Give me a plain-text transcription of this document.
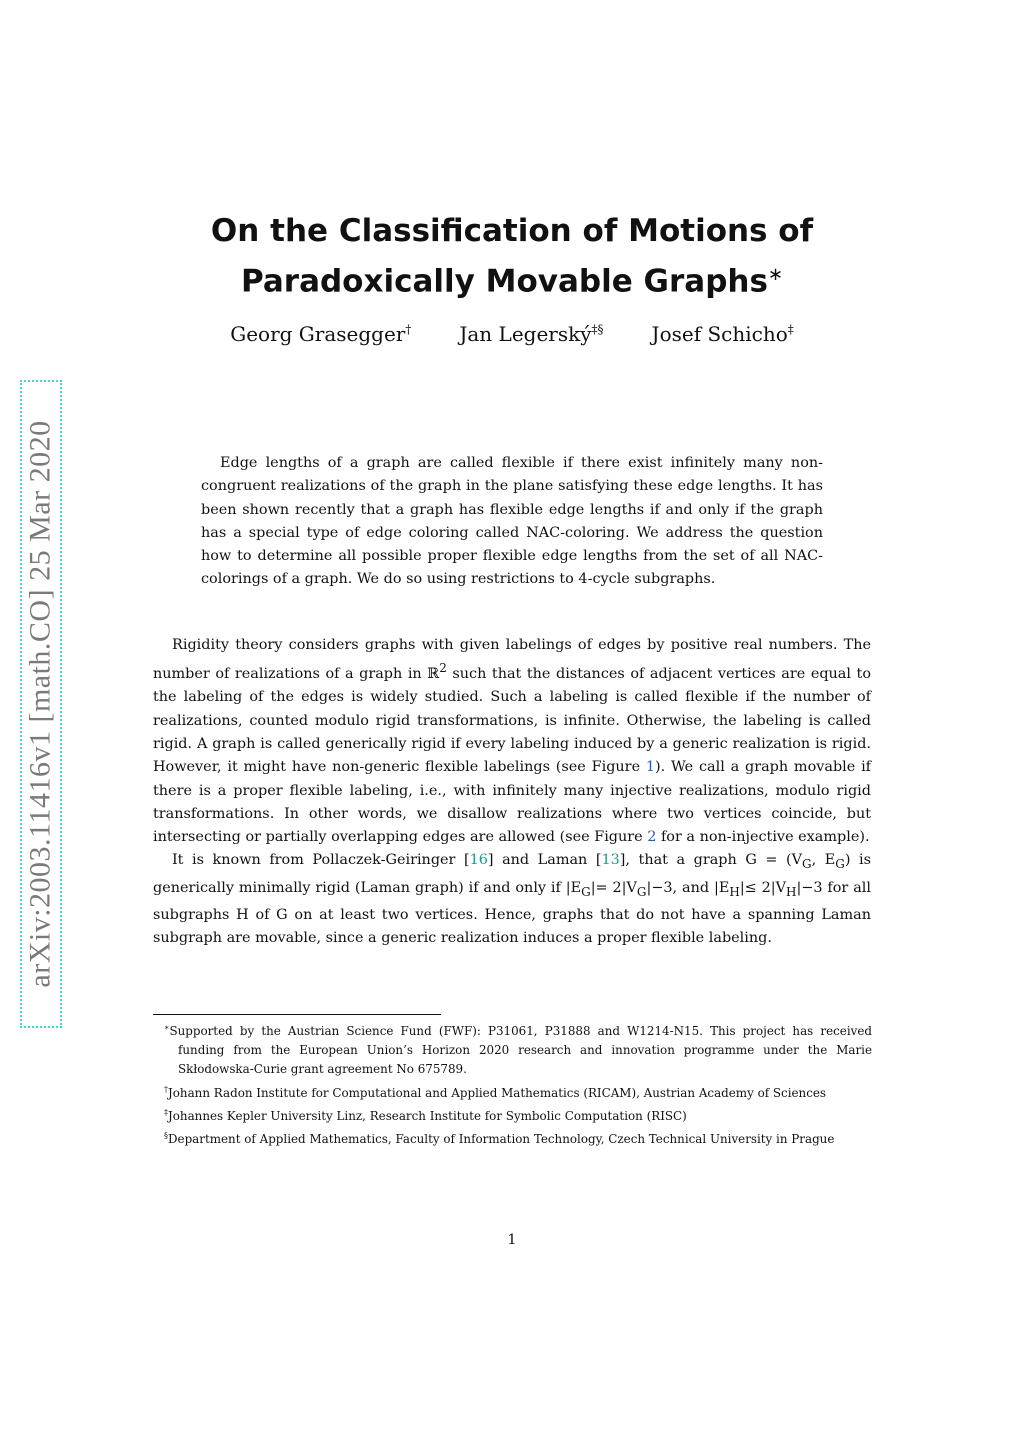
arXiv:2003.11416v1 [math.CO] 25 Mar 2020
On the Classification of Motions of
Paradoxically Movable Graphs∗
Georg Grasegger† Jan Legerský‡§ Josef Schicho‡

Edge lengths of a graph are called flexible if there exist infinitely many non-congruent realizations of the graph in the plane satisfying these edge lengths. It has been shown recently that a graph has flexible edge lengths if and only if the graph has a special type of edge coloring called NAC-coloring. We address the question how to determine all possible proper flexible edge lengths from the set of all NAC-colorings of a graph. We do so using restrictions to 4-cycle subgraphs.

Rigidity theory considers graphs with given labelings of edges by positive real numbers. The number of realizations of a graph in ℝ$^2$ such that the distances of adjacent vertices are equal to the labeling of the edges is widely studied. Such a labeling is called flexible if the number of realizations, counted modulo rigid transformations, is infinite. Otherwise, the labeling is called rigid. A graph is called generically rigid if every labeling induced by a generic realization is rigid. However, it might have non-generic flexible labelings (see Figure 1). We call a graph movable if there is a proper flexible labeling, i.e., with infinitely many injective realizations, modulo rigid transformations. In other words, we disallow realizations where two vertices coincide, but intersecting or partially overlapping edges are allowed (see Figure 2 for a non-injective example).

It is known from Pollaczek-Geiringer [16] and Laman [13], that a graph $G = (V_G$, $E_G$) is generically minimally rigid (Laman graph) if and only if $|E_G|= 2|V_G|-3$, and $|E_H|\le 2|V_H|-3$ for all subgraphs H of G on at least two vertices. Hence, graphs that do not have a spanning Laman subgraph are movable, since a generic realization induces a proper flexible labeling.

∗Supported by the Austrian Science Fund (FWF): P31061, P31888 and W1214-N15. This project has received funding from the European Union’s Horizon 2020 research and innovation programme under the Marie Skłodowska-Curie grant agreement No 675789.

†Johann Radon Institute for Computational and Applied Mathematics (RICAM), Austrian Academy of Sciences

‡Johannes Kepler University Linz, Research Institute for Symbolic Computation (RISC)

§Department of Applied Mathematics, Faculty of Information Technology, Czech Technical University in Prague

1
